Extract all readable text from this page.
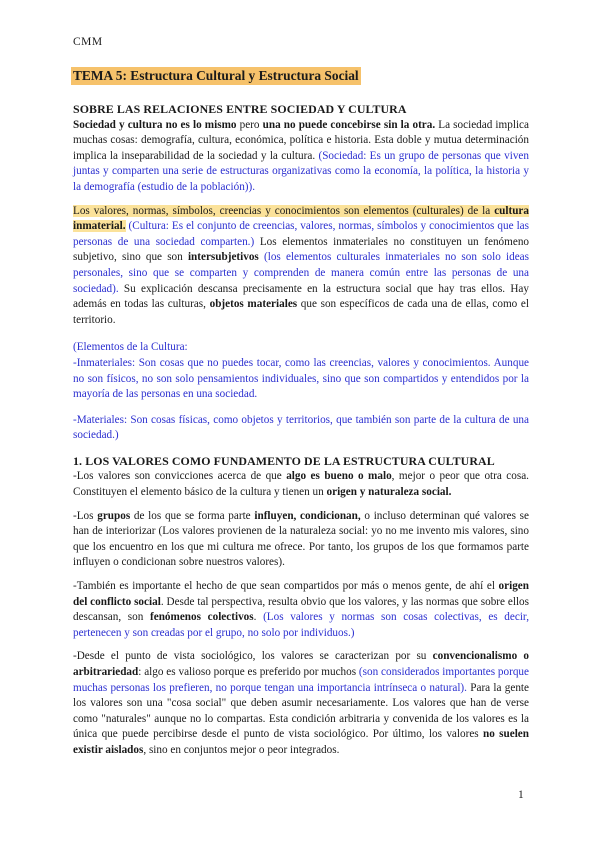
CMM
TEMA 5: Estructura Cultural y Estructura Social

SOBRE LAS RELACIONES ENTRE SOCIEDAD Y CULTURA

Sociedad y cultura no es lo mismo pero una no puede concebirse sin la otra. La sociedad implica muchas cosas: demografía, cultura, económica, política e historia. Esta doble y mutua determinación implica la inseparabilidad de la sociedad y la cultura. (Sociedad: Es un grupo de personas que viven juntas y comparten una serie de estructuras organizativas como la economía, la política, la historia y la demografía (estudio de la población)).

Los valores, normas, símbolos, creencias y conocimientos son elementos (culturales) de la cultura inmaterial. (Cultura: Es el conjunto de creencias, valores, normas, símbolos y conocimientos que las personas de una sociedad comparten.) Los elementos inmateriales no constituyen un fenómeno subjetivo, sino que son intersubjetivos (los elementos culturales inmateriales no son solo ideas personales, sino que se comparten y comprenden de manera común entre las personas de una sociedad). Su explicación descansa precisamente en la estructura social que hay tras ellos. Hay además en todas las culturas, objetos materiales que son específicos de cada una de ellas, como el territorio.

(Elementos de la Cultura:

-Inmateriales: Son cosas que no puedes tocar, como las creencias, valores y conocimientos. Aunque no son físicos, no son solo pensamientos individuales, sino que son compartidos y entendidos por la mayoría de las personas en una sociedad.

-Materiales: Son cosas físicas, como objetos y territorios, que también son parte de la cultura de una sociedad.)

1. LOS VALORES COMO FUNDAMENTO DE LA ESTRUCTURA CULTURAL

-Los valores son convicciones acerca de que algo es bueno o malo, mejor o peor que otra cosa. Constituyen el elemento básico de la cultura y tienen un origen y naturaleza social.

-Los grupos de los que se forma parte influyen, condicionan, o incluso determinan qué valores se han de interiorizar (Los valores provienen de la naturaleza social: yo no me invento mis valores, sino que los encuentro en los que mi cultura me ofrece. Por tanto, los grupos de los que formamos parte influyen o condicionan sobre nuestros valores).

-También es importante el hecho de que sean compartidos por más o menos gente, de ahí el origen del conflicto social. Desde tal perspectiva, resulta obvio que los valores, y las normas que sobre ellos descansan, son fenómenos colectivos. (Los valores y normas son cosas colectivas, es decir, pertenecen y son creadas por el grupo, no solo por individuos.)

-Desde el punto de vista sociológico, los valores se caracterizan por su convencionalismo o arbitrariedad: algo es valioso porque es preferido por muchos (son considerados importantes porque muchas personas los prefieren, no porque tengan una importancia intrínseca o natural). Para la gente los valores son una "cosa social" que deben asumir necesariamente. Los valores que han de verse como "naturales" aunque no lo compartas. Esta condición arbitraria y convenida de los valores es la única que puede percibirse desde el punto de vista sociológico. Por último, los valores no suelen existir aislados, sino en conjuntos mejor o peor integrados.

1
